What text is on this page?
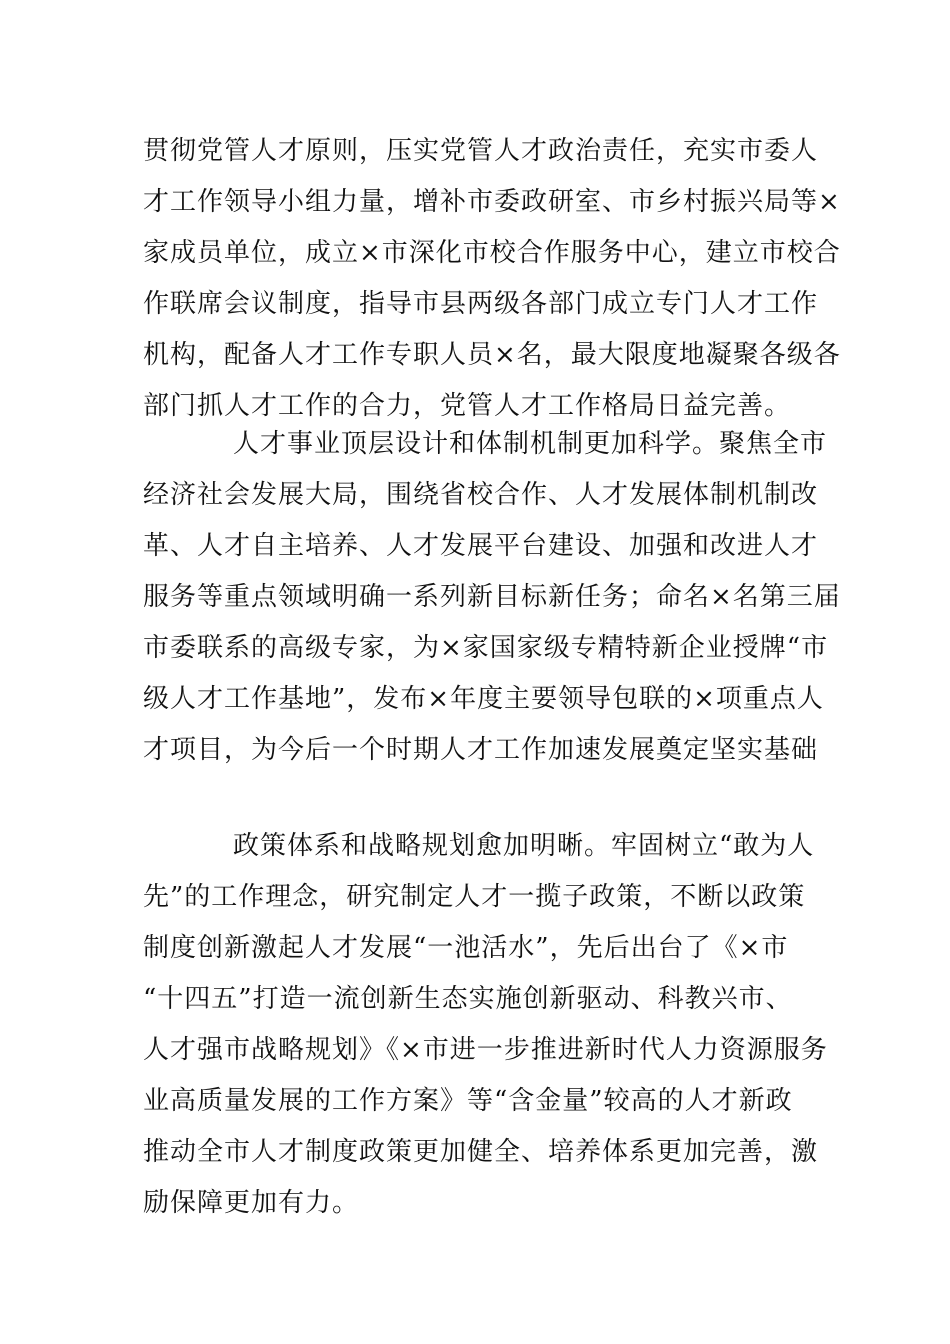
贯彻党管人才原则，压实党管人才政治责任，充实市委人
才工作领导小组力量，增补市委政研室、市乡村振兴局等×
家成员单位，成立×市深化市校合作服务中心，建立市校合
作联席会议制度，指导市县两级各部门成立专门人才工作
机构，配备人才工作专职人员×名，最大限度地凝聚各级各
部门抓人才工作的合力，党管人才工作格局日益完善。
人才事业顶层设计和体制机制更加科学。聚焦全市
经济社会发展大局，围绕省校合作、人才发展体制机制改
革、人才自主培养、人才发展平台建设、加强和改进人才
服务等重点领域明确一系列新目标新任务；命名×名第三届
市委联系的高级专家，为×家国家级专精特新企业授牌“市
级人才工作基地”，发布×年度主要领导包联的×项重点人
才项目，为今后一个时期人才工作加速发展奠定坚实基础
政策体系和战略规划愈加明晰。牢固树立“敢为人
先”的工作理念，研究制定人才一揽子政策，不断以政策
制度创新激起人才发展“一池活水”，先后出台了《×市
“十四五”打造一流创新生态实施创新驱动、科教兴市、
人才强市战略规划》《×市进一步推进新时代人力资源服务
业高质量发展的工作方案》等“含金量”较高的人才新政
推动全市人才制度政策更加健全、培养体系更加完善，激
励保障更加有力。
